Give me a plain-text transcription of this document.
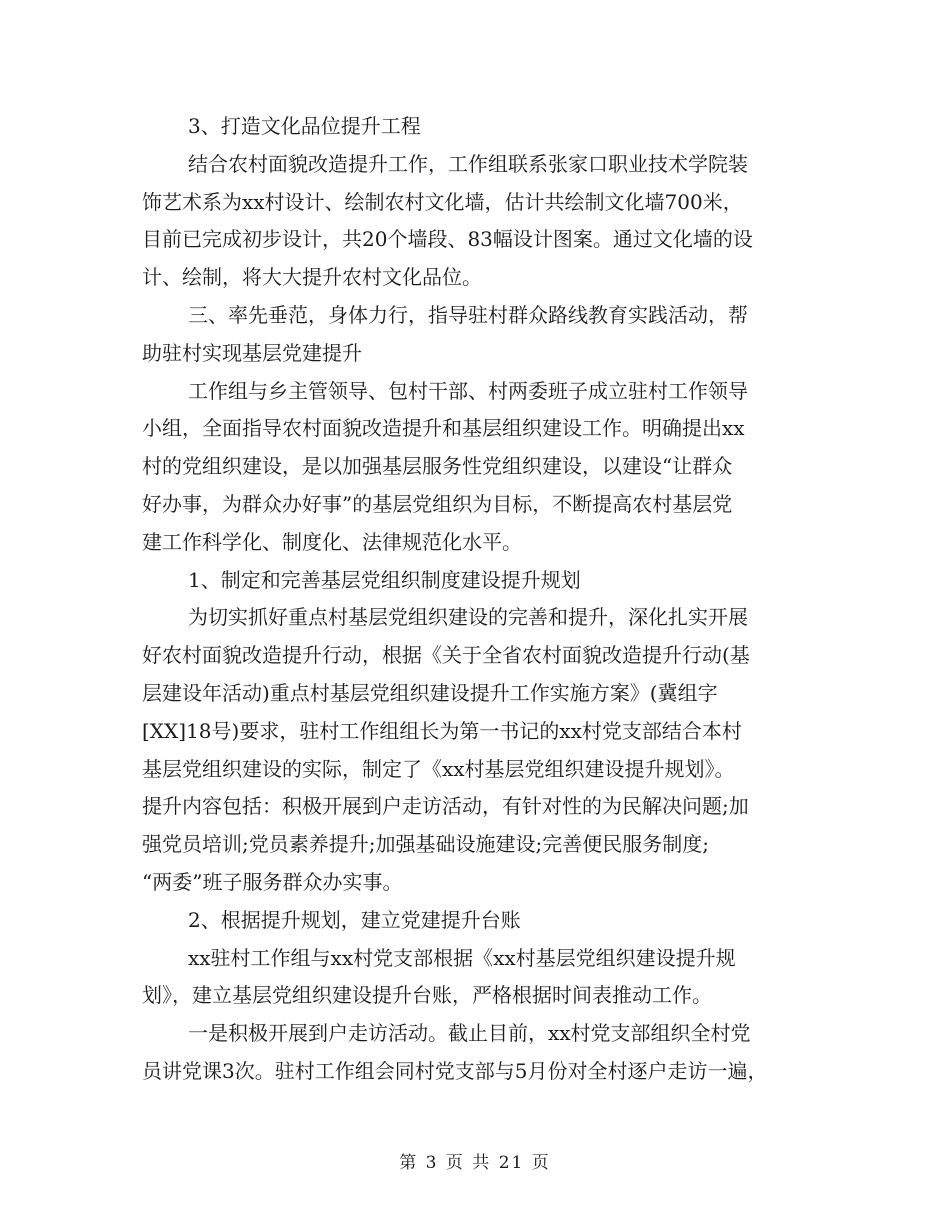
3、打造文化品位提升工程
结合农村面貌改造提升工作，工作组联系张家口职业技术学院装
饰艺术系为xx村设计、绘制农村文化墙，估计共绘制文化墙700米，
目前已完成初步设计，共20个墙段、83幅设计图案。通过文化墙的设
计、绘制，将大大提升农村文化品位。
三、率先垂范，身体力行，指导驻村群众路线教育实践活动，帮
助驻村实现基层党建提升
工作组与乡主管领导、包村干部、村两委班子成立驻村工作领导
小组，全面指导农村面貌改造提升和基层组织建设工作。明确提出xx
村的党组织建设，是以加强基层服务性党组织建设，以建设“让群众
好办事，为群众办好事”的基层党组织为目标，不断提高农村基层党
建工作科学化、制度化、法律规范化水平。
1、制定和完善基层党组织制度建设提升规划
为切实抓好重点村基层党组织建设的完善和提升，深化扎实开展
好农村面貌改造提升行动，根据《关于全省农村面貌改造提升行动(基
层建设年活动)重点村基层党组织建设提升工作实施方案》(冀组字
[XX]18号)要求，驻村工作组组长为第一书记的xx村党支部结合本村
基层党组织建设的实际，制定了《xx村基层党组织建设提升规划》。
提升内容包括：积极开展到户走访活动，有针对性的为民解决问题;加
强党员培训;党员素养提升;加强基础设施建设;完善便民服务制度;
“两委”班子服务群众办实事。
2、根据提升规划，建立党建提升台账
xx驻村工作组与xx村党支部根据《xx村基层党组织建设提升规
划》，建立基层党组织建设提升台账，严格根据时间表推动工作。
一是积极开展到户走访活动。截止目前，xx村党支部组织全村党
员讲党课3次。驻村工作组会同村党支部与5月份对全村逐户走访一遍，
第 3 页 共 21 页
